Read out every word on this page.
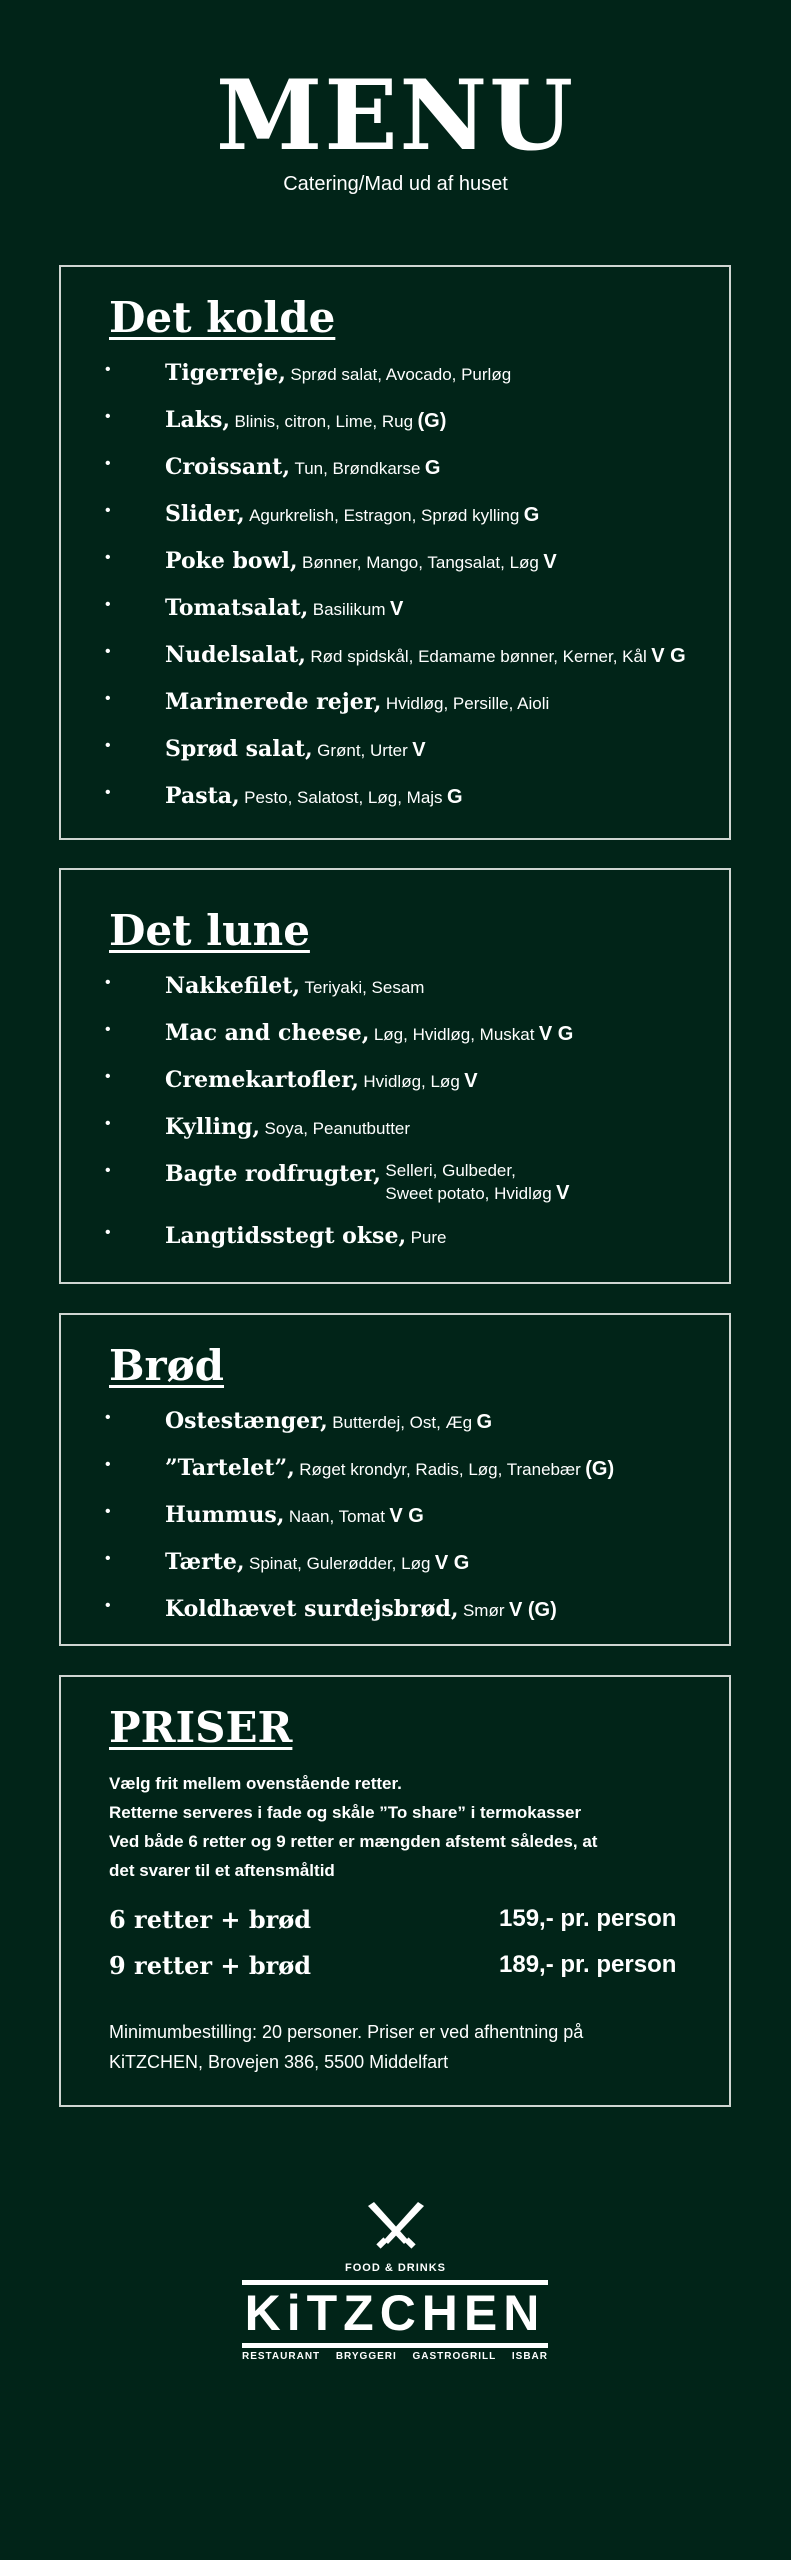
MENU
Catering/Mad ud af huset
Det kolde
• Tigerreje, Sprød salat, Avocado, Purløg
• Laks, Blinis, citron, Lime, Rug (G)
• Croissant, Tun, Brøndkarse G
• Slider, Agurkrelish, Estragon, Sprød kylling G
• Poke bowl, Bønner, Mango, Tangsalat, Løg V
• Tomatsalat, Basilikum V
• Nudelsalat, Rød spidskål, Edamame bønner, Kerner, Kål V G
• Marinerede rejer, Hvidløg, Persille, Aioli
• Sprød salat, Grønt, Urter V
• Pasta, Pesto, Salatost, Løg, Majs G
Det lune
• Nakkefilet, Teriyaki, Sesam
• Mac and cheese, Løg, Hvidløg, Muskat V G
• Cremekartofler, Hvidløg, Løg V
• Kylling, Soya, Peanutbutter
• Bagte rodfrugter, Selleri, Gulbeder,
Sweet potato, Hvidløg V
• Langtidsstegt okse, Pure
Brød
• Ostestænger, Butterdej, Ost, Æg G
• ”Tartelet”, Røget krondyr, Radis, Løg, Tranebær (G)
• Hummus, Naan, Tomat V G
• Tærte, Spinat, Gulerødder, Løg V G
• Koldhævet surdejsbrød, Smør V (G)
PRISER
Vælg frit mellem ovenstående retter.
Retterne serveres i fade og skåle ”To share” i termokasser
Ved både 6 retter og 9 retter er mængden afstemt således, at
det svarer til et aftensmåltid
6 retter + brød	159,- pr. person
9 retter + brød	189,- pr. person
Minimumbestilling: 20 personer. Priser er ved afhentning på
KiTZCHEN, Brovejen 386, 5500 Middelfart
FOOD & DRINKS
KiTZCHEN
RESTAURANT BRYGGERI GASTROGRILL ISBAR
